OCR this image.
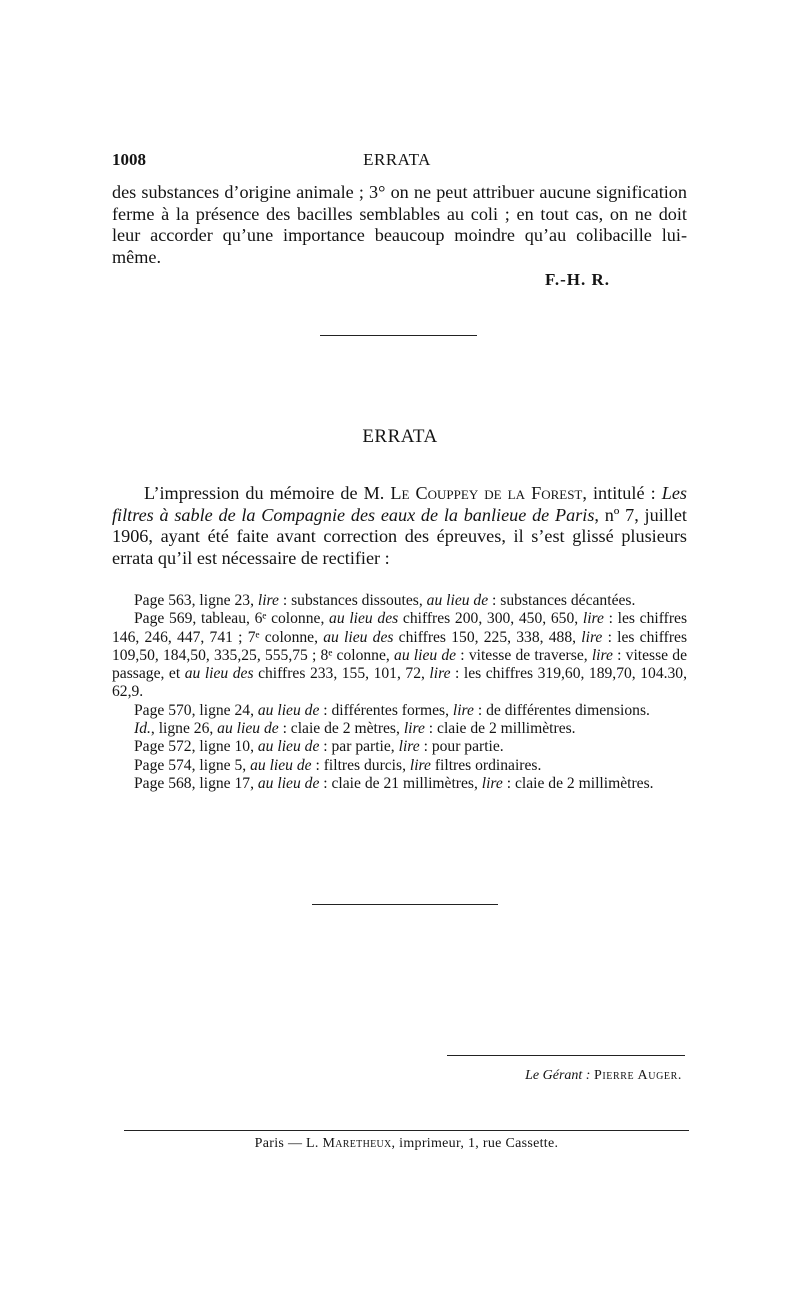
1008	ERRATA

des substances d’origine animale ; 3° on ne peut attribuer aucune signification ferme à la présence des bacilles semblables au coli ; en tout cas, on ne doit leur accorder qu’une importance beaucoup moindre qu’au colibacille lui-même.

F.-H. R.
ERRATA

L’impression du mémoire de M. Le Couppey de la Forest, intitulé : Les filtres à sable de la Compagnie des eaux de la banlieue de Paris, nº 7, juillet 1906, ayant été faite avant correction des épreuves, il s’est glissé plusieurs errata qu’il est nécessaire de rectifier :

Page 563, ligne 23, lire : substances dissoutes, au lieu de : substances décantées.

Page 569, tableau, 6ᵉ colonne, au lieu des chiffres 200, 300, 450, 650, lire : les chiffres 146, 246, 447, 741 ; 7ᵉ colonne, au lieu des chiffres 150, 225, 338, 488, lire : les chiffres 109,50, 184,50, 335,25, 555,75 ; 8ᵉ colonne, au lieu de : vitesse de traverse, lire : vitesse de passage, et au lieu des chiffres 233, 155, 101, 72, lire : les chiffres 319,60, 189,70, 104.30, 62,9.

Page 570, ligne 24, au lieu de : différentes formes, lire : de différentes dimensions.

Id., ligne 26, au lieu de : claie de 2 mètres, lire : claie de 2 millimètres.

Page 572, ligne 10, au lieu de : par partie, lire : pour partie.

Page 574, ligne 5, au lieu de : filtres durcis, lire filtres ordinaires.

Page 568, ligne 17, au lieu de : claie de 21 millimètres, lire : claie de 2 millimètres.

Le Gérant : Pierre Auger.
Paris — L. Maretheux, imprimeur, 1, rue Cassette.
